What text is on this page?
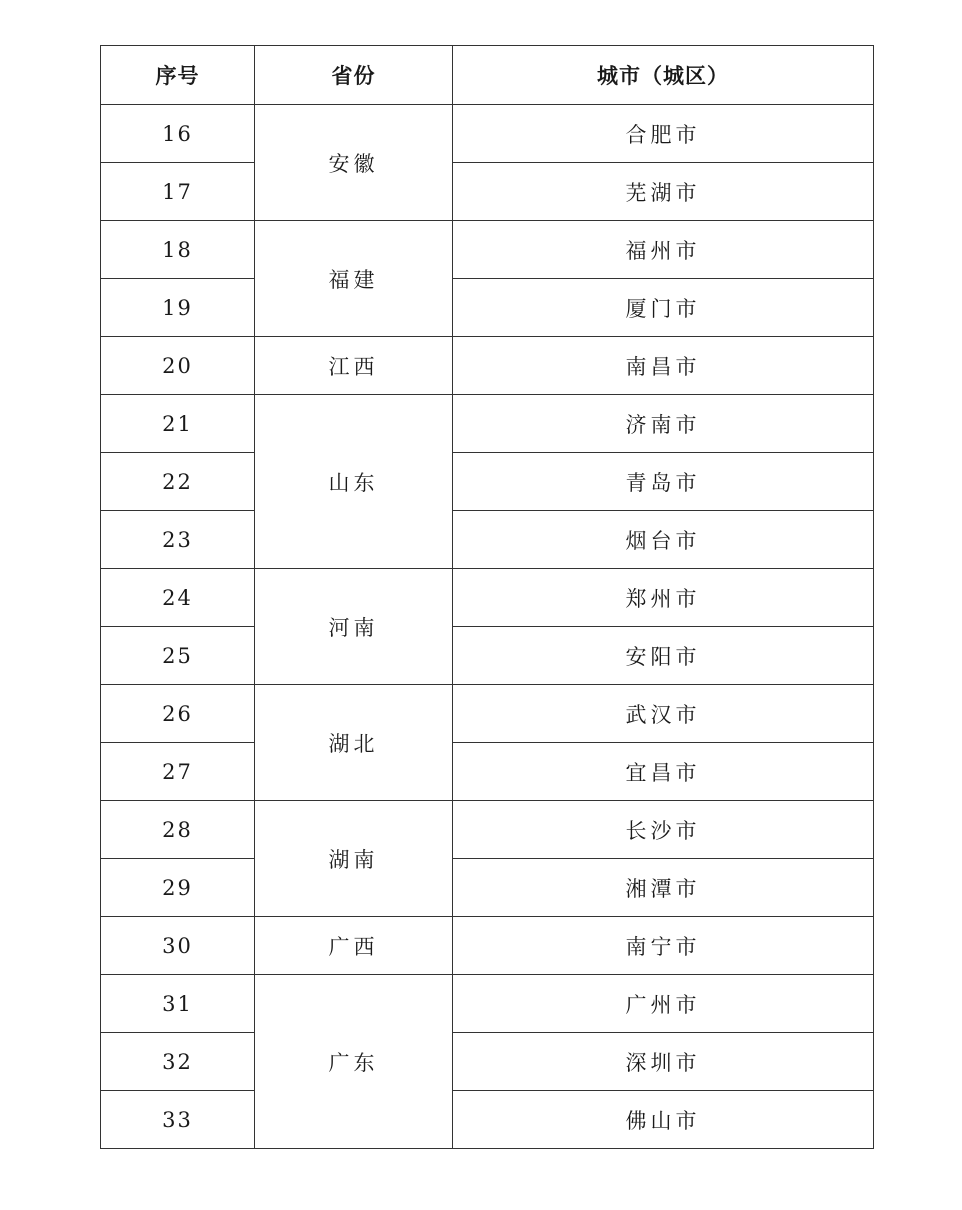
序号	省份	城市（城区）
16	安徽	合肥市
17		芜湖市
18	福建	福州市
19		厦门市
20	江西	南昌市
21	山东	济南市
22		青岛市
23		烟台市
24	河南	郑州市
25		安阳市
26	湖北	武汉市
27		宜昌市
28	湖南	长沙市
29		湘潭市
30	广西	南宁市
31	广东	广州市
32		深圳市
33		佛山市
